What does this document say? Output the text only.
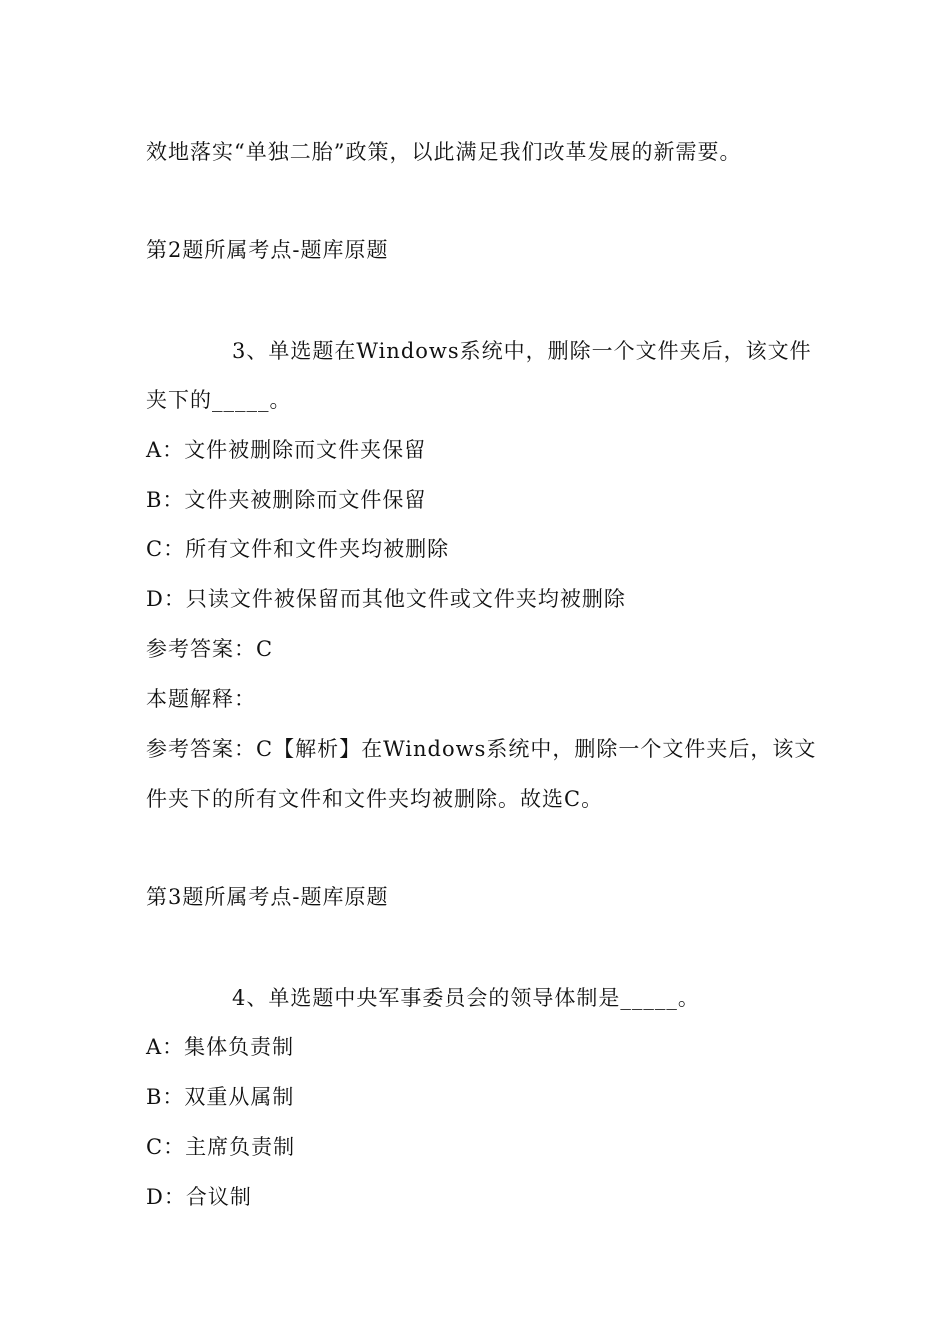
效地落实“单独二胎”政策，以此满足我们改革发展的新需要。
第2题所属考点-题库原题
3、单选题在Windows系统中，删除一个文件夹后，该文件
夹下的_____。
A：文件被删除而文件夹保留
B：文件夹被删除而文件保留
C：所有文件和文件夹均被删除
D：只读文件被保留而其他文件或文件夹均被删除
参考答案：C
本题解释：
参考答案：C【解析】在Windows系统中，删除一个文件夹后，该文
件夹下的所有文件和文件夹均被删除。故选C。
第3题所属考点-题库原题
4、单选题中央军事委员会的领导体制是_____。
A：集体负责制
B：双重从属制
C：主席负责制
D：合议制
